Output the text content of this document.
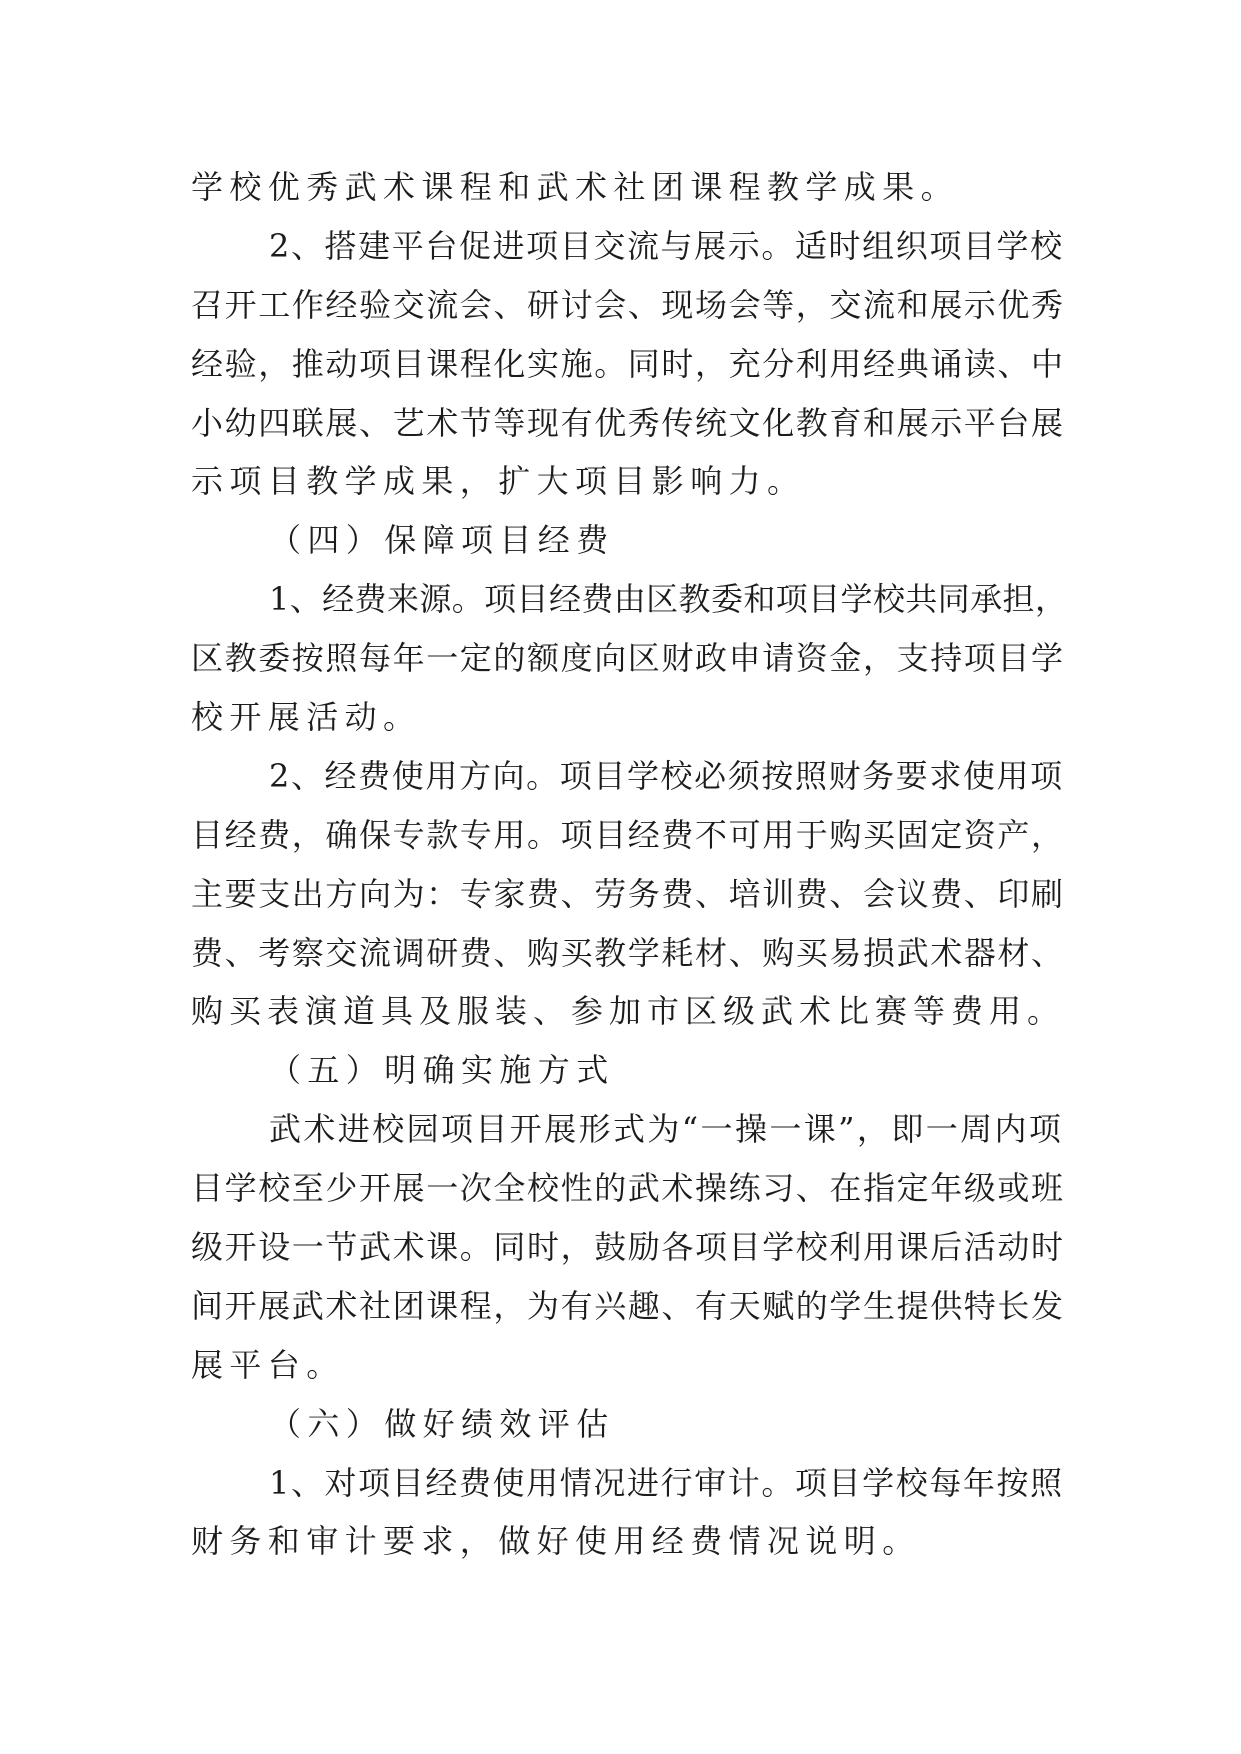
学校优秀武术课程和武术社团课程教学成果。

2、搭建平台促进项目交流与展示。适时组织项目学校

召开工作经验交流会、研讨会、现场会等，交流和展示优秀

经验，推动项目课程化实施。同时，充分利用经典诵读、中

小幼四联展、艺术节等现有优秀传统文化教育和展示平台展

示项目教学成果，扩大项目影响力。

（四）保障项目经费

1、经费来源。项目经费由区教委和项目学校共同承担，

区教委按照每年一定的额度向区财政申请资金，支持项目学

校开展活动。

2、经费使用方向。项目学校必须按照财务要求使用项

目经费，确保专款专用。项目经费不可用于购买固定资产，

主要支出方向为：专家费、劳务费、培训费、会议费、印刷

费、考察交流调研费、购买教学耗材、购买易损武术器材、

购买表演道具及服装、参加市区级武术比赛等费用。

（五）明确实施方式

武术进校园项目开展形式为“一操一课”，即一周内项

目学校至少开展一次全校性的武术操练习、在指定年级或班

级开设一节武术课。同时，鼓励各项目学校利用课后活动时

间开展武术社团课程，为有兴趣、有天赋的学生提供特长发

展平台。

（六）做好绩效评估

1、对项目经费使用情况进行审计。项目学校每年按照

财务和审计要求，做好使用经费情况说明。
